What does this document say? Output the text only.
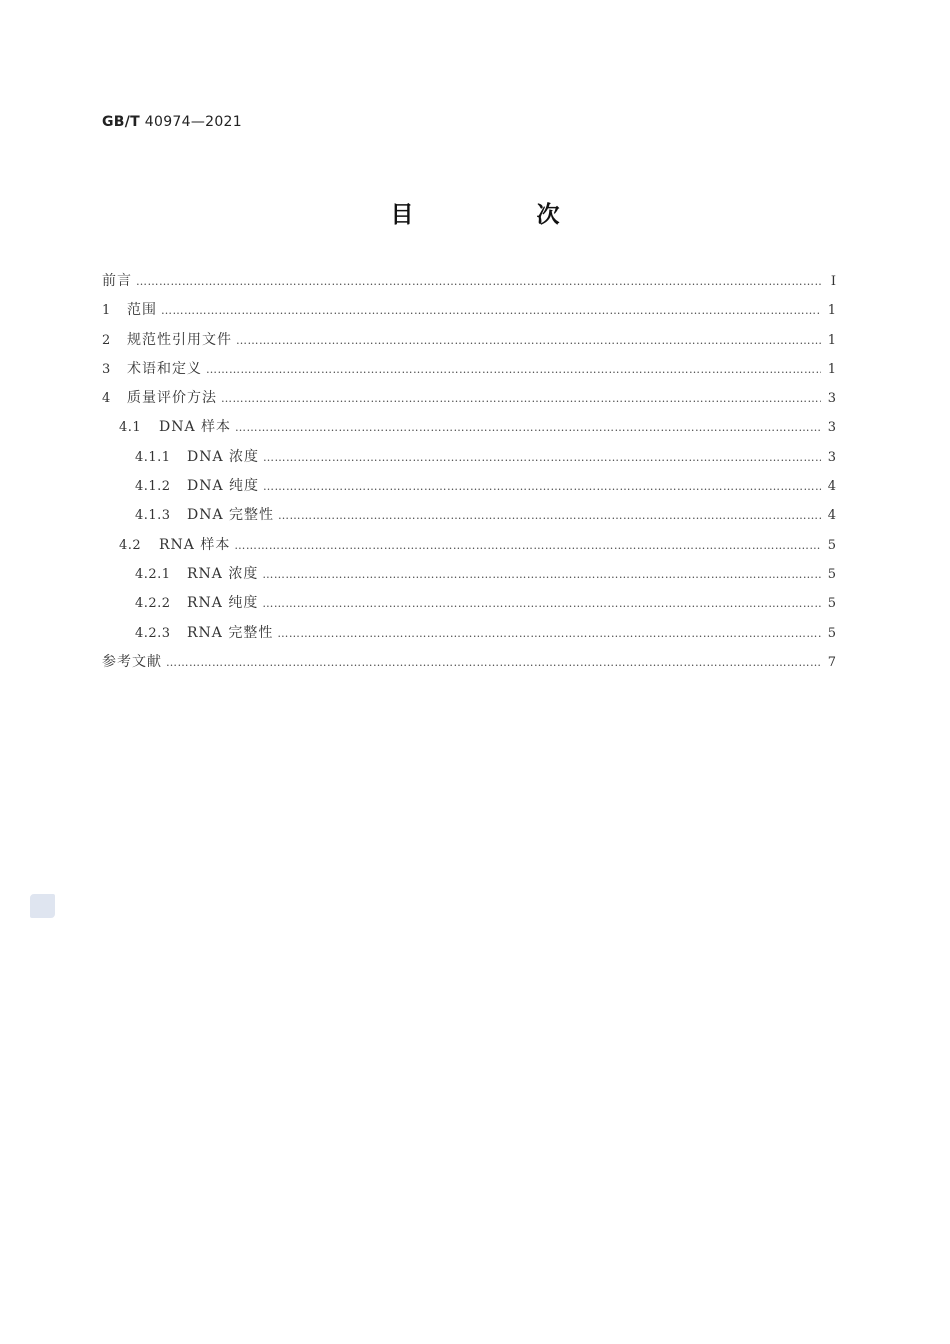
GB/T 40974—2021
目　次
前言 …………………………………………………………………………………………………………………………………………………………………………………………………………………………………………………………………………	Ⅰ
1	范围 …………………………………………………………………………………………………………………………………………………………………………………………………………………………………………………………………………	1
2	规范性引用文件 …………………………………………………………………………………………………………………………………………………………………………………………………………………………………………………………………………	1
3	术语和定义 …………………………………………………………………………………………………………………………………………………………………………………………………………………………………………………………………………	1
4	质量评价方法 …………………………………………………………………………………………………………………………………………………………………………………………………………………………………………………………………………	3
4.1	DNA 样本 …………………………………………………………………………………………………………………………………………………………………………………………………………………………………………………………………………	3
4.1.1	DNA 浓度 …………………………………………………………………………………………………………………………………………………………………………………………………………………………………………………………………………	3
4.1.2	DNA 纯度 …………………………………………………………………………………………………………………………………………………………………………………………………………………………………………………………………………	4
4.1.3	DNA 完整性 …………………………………………………………………………………………………………………………………………………………………………………………………………………………………………………………………………	4
4.2	RNA 样本 …………………………………………………………………………………………………………………………………………………………………………………………………………………………………………………………………………	5
4.2.1	RNA 浓度 …………………………………………………………………………………………………………………………………………………………………………………………………………………………………………………………………………	5
4.2.2	RNA 纯度 …………………………………………………………………………………………………………………………………………………………………………………………………………………………………………………………………………	5
4.2.3	RNA 完整性 …………………………………………………………………………………………………………………………………………………………………………………………………………………………………………………………………………	5
参考文献 …………………………………………………………………………………………………………………………………………………………………………………………………………………………………………………………………………	7
